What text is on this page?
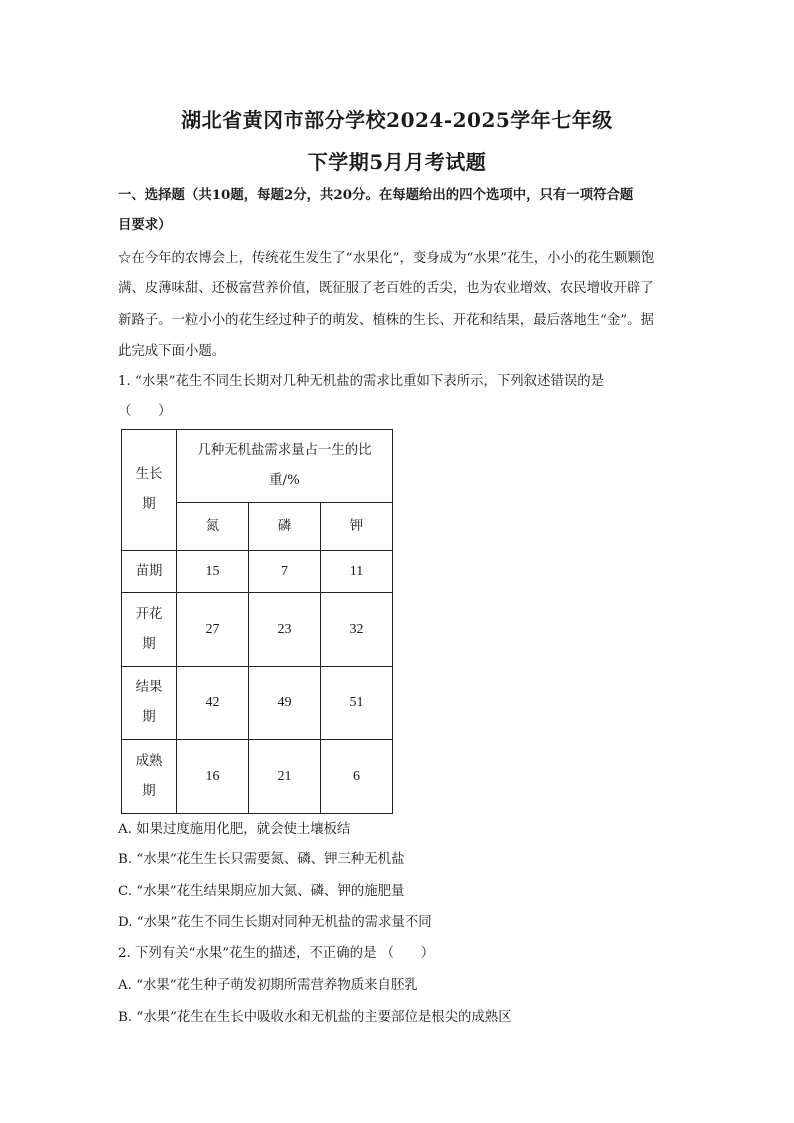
湖北省黄冈市部分学校2024-2025学年七年级
下学期5月月考试题
一、选择题（共10题，每题2分，共20分。在每题给出的四个选项中，只有一项符合题
目要求）
☆在今年的农博会上，传统花生发生了“水果化”，变身成为“水果”花生，小小的花生颗颗饱
满、皮薄味甜、还极富营养价值，既征服了老百姓的舌尖，也为农业增效、农民增收开辟了
新路子。一粒小小的花生经过种子的萌发、植株的生长、开花和结果，最后落地生“金”。据
此完成下面小题。
1. “水果”花生不同生长期对几种无机盐的需求比重如下表所示，下列叙述错误的是
（　　）
生长期	几种无机盐需求量占一生的比重/%		

	氮	磷	钾

苗期	15	7	11

开花期	27	23	32

结果期	42	49	51

成熟期	16	21	6
A. 如果过度施用化肥，就会使土壤板结
B. “水果”花生生长只需要氮、磷、钾三种无机盐
C. “水果”花生结果期应加大氮、磷、钾的施肥量
D. “水果”花生不同生长期对同种无机盐的需求量不同
2. 下列有关“水果”花生的描述，不正确的是 （　　）
A. “水果”花生种子萌发初期所需营养物质来自胚乳
B. “水果”花生在生长中吸收水和无机盐的主要部位是根尖的成熟区
